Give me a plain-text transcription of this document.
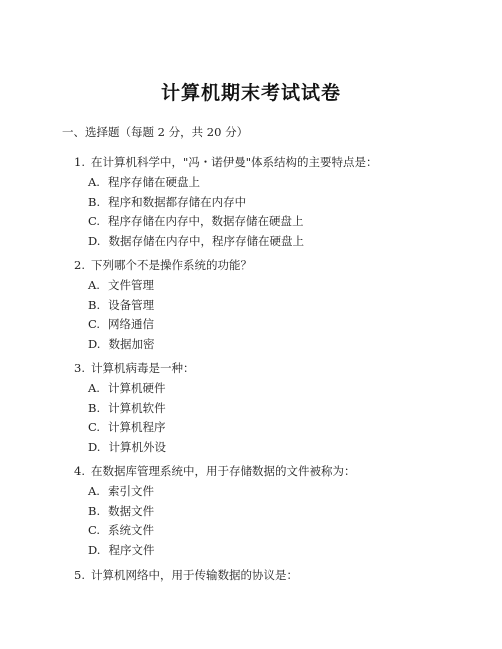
计算机期末考试试卷
一、选择题（每题 2 分，共 20 分）

1. 在计算机科学中，"冯・诺伊曼"体系结构的主要特点是：

A. 程序存储在硬盘上
B. 程序和数据都存储在内存中
C. 程序存储在内存中，数据存储在硬盘上
D. 数据存储在内存中，程序存储在硬盘上

2. 下列哪个不是操作系统的功能？

A. 文件管理
B. 设备管理
C. 网络通信
D. 数据加密

3. 计算机病毒是一种：

A. 计算机硬件
B. 计算机软件
C. 计算机程序
D. 计算机外设

4. 在数据库管理系统中，用于存储数据的文件被称为：

A. 索引文件
B. 数据文件
C. 系统文件
D. 程序文件

5. 计算机网络中，用于传输数据的协议是：
